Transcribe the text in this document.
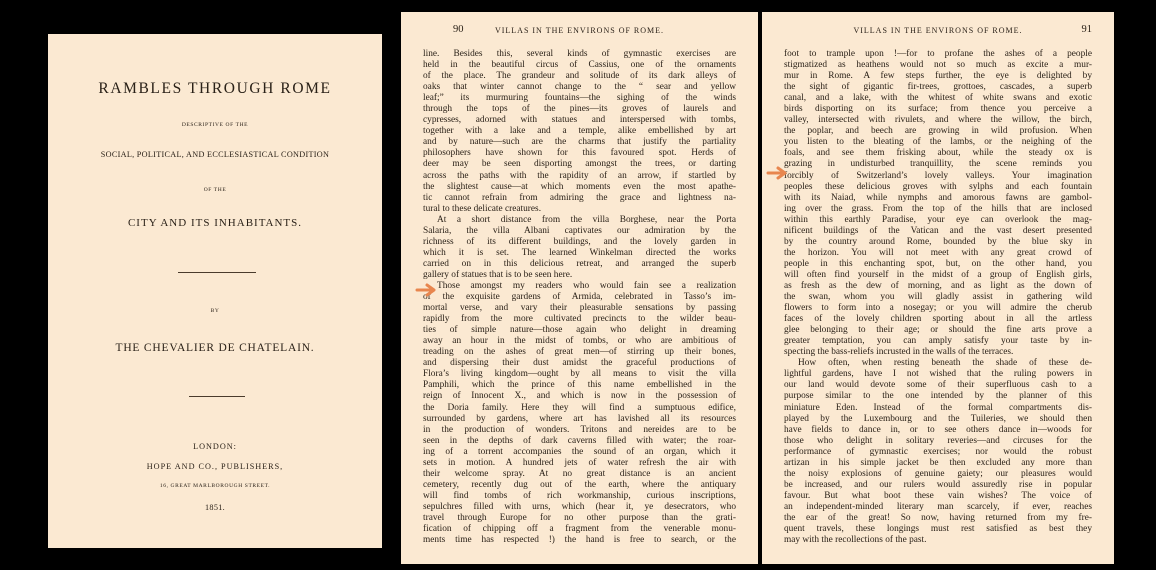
RAMBLES THROUGH ROME
DESCRIPTIVE OF THE
SOCIAL, POLITICAL, AND ECCLESIASTICAL CONDITION
OF THE
CITY AND ITS INHABITANTS.
BY
THE CHEVALIER DE CHATELAIN.
LONDON:
HOPE AND CO., PUBLISHERS,
16, GREAT MARLBOROUGH STREET.
1851.
90	VILLAS IN THE ENVIRONS OF ROME.
line. Besides this, several kinds of gymnastic exercises are
held in the beautiful circus of Cassius, one of the ornaments
of the place. The grandeur and solitude of its dark alleys of
oaks that winter cannot change to the “ sear and yellow
leaf;” its murmuring fountains—the sighing of the winds
through the tops of the pines—its groves of laurels and
cypresses, adorned with statues and interspersed with tombs,
together with a lake and a temple, alike embellished by art
and by nature—such are the charms that justify the partiality
philosophers have shown for this favoured spot. Herds of
deer may be seen disporting amongst the trees, or darting
across the paths with the rapidity of an arrow, if startled by
the slightest cause—at which moments even the most apathe-
tic cannot refrain from admiring the grace and lightness na-
tural to these delicate creatures.
At a short distance from the villa Borghese, near the Porta
Salaria, the villa Albani captivates our admiration by the
richness of its different buildings, and the lovely garden in
which it is set. The learned Winkelman directed the works
carried on in this delicious retreat, and arranged the superb
gallery of statues that is to be seen here.
Those amongst my readers who would fain see a realization
of the exquisite gardens of Armida, celebrated in Tasso’s im-
mortal verse, and vary their pleasurable sensations by passing
rapidly from the more cultivated precincts to the wilder beau-
ties of simple nature—those again who delight in dreaming
away an hour in the midst of tombs, or who are ambitious of
treading on the ashes of great men—of stirring up their bones,
and dispersing their dust amidst the graceful productions of
Flora’s living kingdom—ought by all means to visit the villa
Pamphili, which the prince of this name embellished in the
reign of Innocent X., and which is now in the possession of
the Doria family. Here they will find a sumptuous edifice,
surrounded by gardens, where art has lavished all its resources
in the production of wonders. Tritons and nereides are to be
seen in the depths of dark caverns filled with water; the roar-
ing of a torrent accompanies the sound of an organ, which it
sets in motion. A hundred jets of water refresh the air with
their welcome spray. At no great distance is an ancient
cemetery, recently dug out of the earth, where the antiquary
will find tombs of rich workmanship, curious inscriptions,
sepulchres filled with urns, which (hear it, ye desecrators, who
travel through Europe for no other purpose than the grati-
fication of chipping off a fragment from the venerable monu-
ments time has respected !) the hand is free to search, or the
VILLAS IN THE ENVIRONS OF ROME.	91
foot to trample upon !—for to profane the ashes of a people
stigmatized as heathens would not so much as excite a mur-
mur in Rome. A few steps further, the eye is delighted by
the sight of gigantic fir-trees, grottoes, cascades, a superb
canal, and a lake, with the whitest of white swans and exotic
birds disporting on its surface; from thence you perceive a
valley, intersected with rivulets, and where the willow, the birch,
the poplar, and beech are growing in wild profusion. When
you listen to the bleating of the lambs, or the neighing of the
foals, and see them frisking about, while the steady ox is
grazing in undisturbed tranquillity, the scene reminds you
forcibly of Switzerland’s lovely valleys. Your imagination
peoples these delicious groves with sylphs and each fountain
with its Naiad, while nymphs and amorous fawns are gambol-
ing over the grass. From the top of the hills that are inclosed
within this earthly Paradise, your eye can overlook the mag-
nificent buildings of the Vatican and the vast desert presented
by the country around Rome, bounded by the blue sky in
the horizon. You will not meet with any great crowd of
people in this enchanting spot, but, on the other hand, you
will often find yourself in the midst of a group of English girls,
as fresh as the dew of morning, and as light as the down of
the swan, whom you will gladly assist in gathering wild
flowers to form into a nosegay; or you will admire the cherub
faces of the lovely children sporting about in all the artless
glee belonging to their age; or should the fine arts prove a
greater temptation, you can amply satisfy your taste by in-
specting the bass-reliefs incrusted in the walls of the terraces.
How often, when resting beneath the shade of these de-
lightful gardens, have I not wished that the ruling powers in
our land would devote some of their superfluous cash to a
purpose similar to the one intended by the planner of this
miniature Eden. Instead of the formal compartments dis-
played by the Luxembourg and the Tuileries, we should then
have fields to dance in, or to see others dance in—woods for
those who delight in solitary reveries—and circuses for the
performance of gymnastic exercises; nor would the robust
artizan in his simple jacket be then excluded any more than
the noisy explosions of genuine gaiety; our pleasures would
be increased, and our rulers would assuredly rise in popular
favour. But what boot these vain wishes? The voice of
an independent-minded literary man scarcely, if ever, reaches
the ear of the great! So now, having returned from my fre-
quent travels, these longings must rest satisfied as best they
may with the recollections of the past.
